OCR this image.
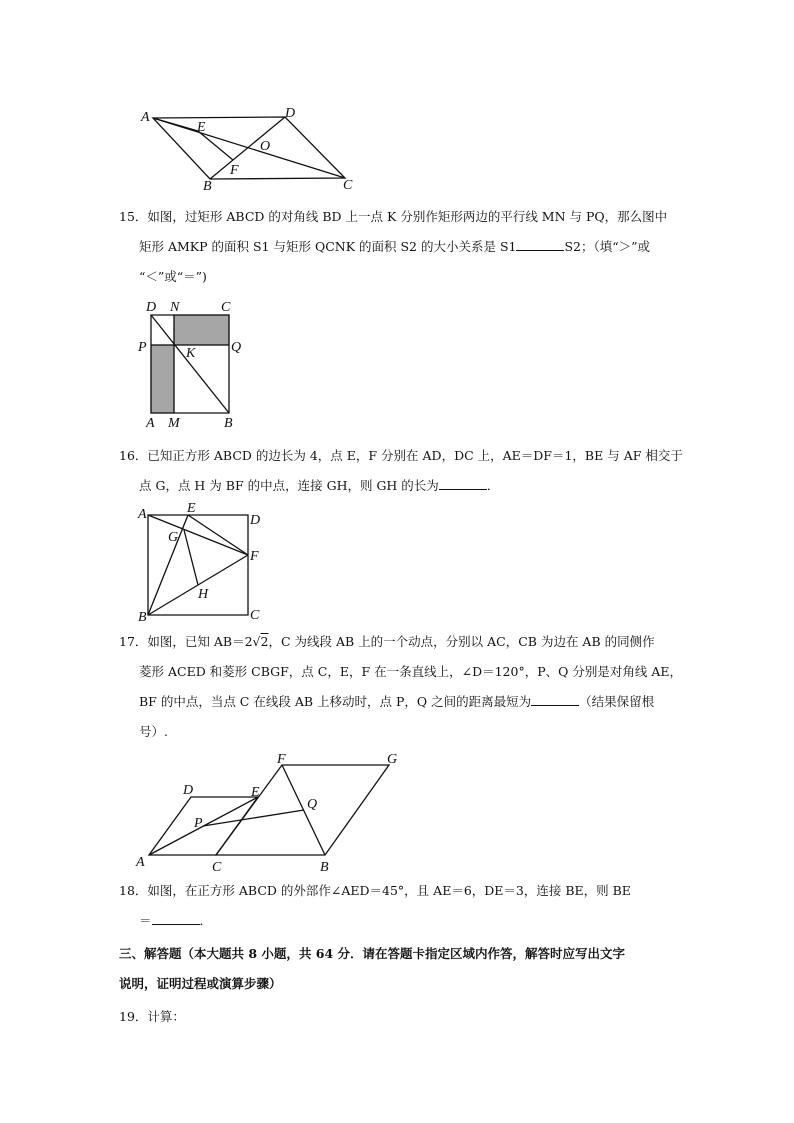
A	D
E
O
F
B	C
15．如图，过矩形 ABCD 的对角线 BD 上一点 K 分别作矩形两边的平行线 MN 与 PQ，那么图中
矩形 AMKP 的面积 S1 与矩形 QCNK 的面积 S2 的大小关系是 S1	S2；（填“＞”或
“＜”或“＝”)
D N	C
P	K	Q
A M	B
16．已知正方形 ABCD 的边长为 4，点 E，F 分别在 AD，DC 上，AE＝DF＝1，BE 与 AF 相交于
点 G，点 H 为 BF 的中点，连接 GH，则 GH 的长为	．
A	E
D
G
F
H
B	C
17．如图，已知 AB＝2√2，C 为线段 AB 上的一个动点，分别以 AC，CB 为边在 AB 的同侧作
菱形 ACED 和菱形 CBGF，点 C，E，F 在一条直线上，∠D＝120°，P、Q 分别是对角线 AE，
BF 的中点，当点 C 在线段 AB 上移动时，点 P，Q 之间的距离最短为	（结果保留根
号）.
F	G
D	E
Q
P
A	C	B
18．如图，在正方形 ABCD 的外部作∠AED＝45°，且 AE＝6，DE＝3，连接 BE，则 BE
＝	．
三、解答题（本大题共 8 小题，共 64 分．请在答题卡指定区域内作答，解答时应写出文字
说明，证明过程或演算步骤）
19．计算：
